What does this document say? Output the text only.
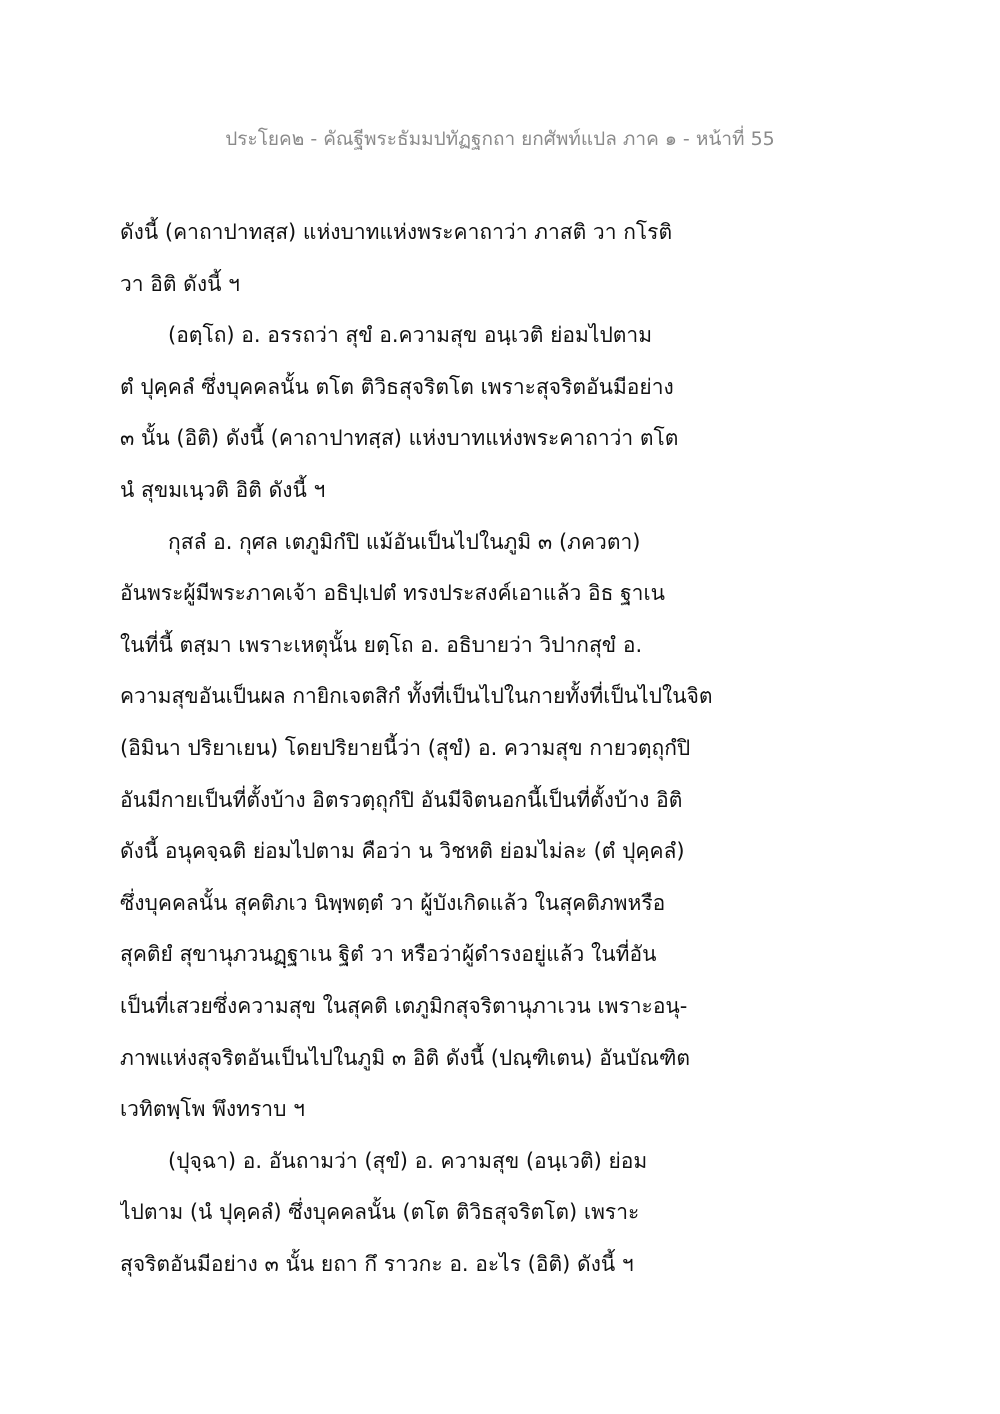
ประโยค๒ - คัณฐีพระธัมมปทัฏฐกถา ยกศัพท์แปล ภาค ๑ - หน้าที่ 55
ดังนี้ (คาถาปาทสฺส) แห่งบาทแห่งพระคาถาว่า ภาสติ วา กโรติ
วา อิติ ดังนี้ ฯ
(อตฺโถ) อ. อรรถว่า สุขํ อ.ความสุข อนฺเวติ ย่อมไปตาม
ตํ ปุคฺคลํ ซึ่งบุคคลนั้น ตโต ติวิธสุจริตโต เพราะสุจริตอันมีอย่าง
๓ นั้น (อิติ) ดังนี้ (คาถาปาทสฺส) แห่งบาทแห่งพระคาถาว่า ตโต
นํ สุขมเนฺวติ อิติ ดังนี้ ฯ
กุสลํ อ. กุศล เตภูมิกํปิ แม้อันเป็นไปในภูมิ ๓ (ภควตา)
อันพระผู้มีพระภาคเจ้า อธิปฺเปตํ ทรงประสงค์เอาแล้ว อิธ ฐาเน
ในที่นี้ ตสฺมา เพราะเหตุนั้น ยตฺโถ อ. อธิบายว่า วิปากสุขํ อ.
ความสุขอันเป็นผล กายิกเจตสิกํ ทั้งที่เป็นไปในกายทั้งที่เป็นไปในจิต
(อิมินา ปริยาเยน) โดยปริยายนี้ว่า (สุขํ) อ. ความสุข กายวตฺถุกํปิ
อันมีกายเป็นที่ตั้งบ้าง อิตรวตฺถุกํปิ อันมีจิตนอกนี้เป็นที่ตั้งบ้าง อิติ
ดังนี้ อนุคจฺฉติ ย่อมไปตาม คือว่า น วิชหติ ย่อมไม่ละ (ตํ ปุคฺคลํ)
ซึ่งบุคคลนั้น สุคติภเว นิพฺพตฺตํ วา ผู้บังเกิดแล้ว ในสุคติภพหรือ
สุคติยํ สุขานุภวนฏฺฐาเน ฐิตํ วา หรือว่าผู้ดำรงอยู่แล้ว ในที่อัน
เป็นที่เสวยซึ่งความสุข ในสุคติ เตภูมิกสุจริตานุภาเวน เพราะอนุ-
ภาพแห่งสุจริตอันเป็นไปในภูมิ ๓ อิติ ดังนี้ (ปณฺฑิเตน) อันบัณฑิต
เวทิตพฺโพ พึงทราบ ฯ
(ปุจฺฉา) อ. อันถามว่า (สุขํ) อ. ความสุข (อนฺเวติ) ย่อม
ไปตาม (นํ ปุคฺคลํ) ซึ่งบุคคลนั้น (ตโต ติวิธสุจริตโต) เพราะ
สุจริตอันมีอย่าง ๓ นั้น ยถา กึ ราวกะ อ. อะไร (อิติ) ดังนี้ ฯ
